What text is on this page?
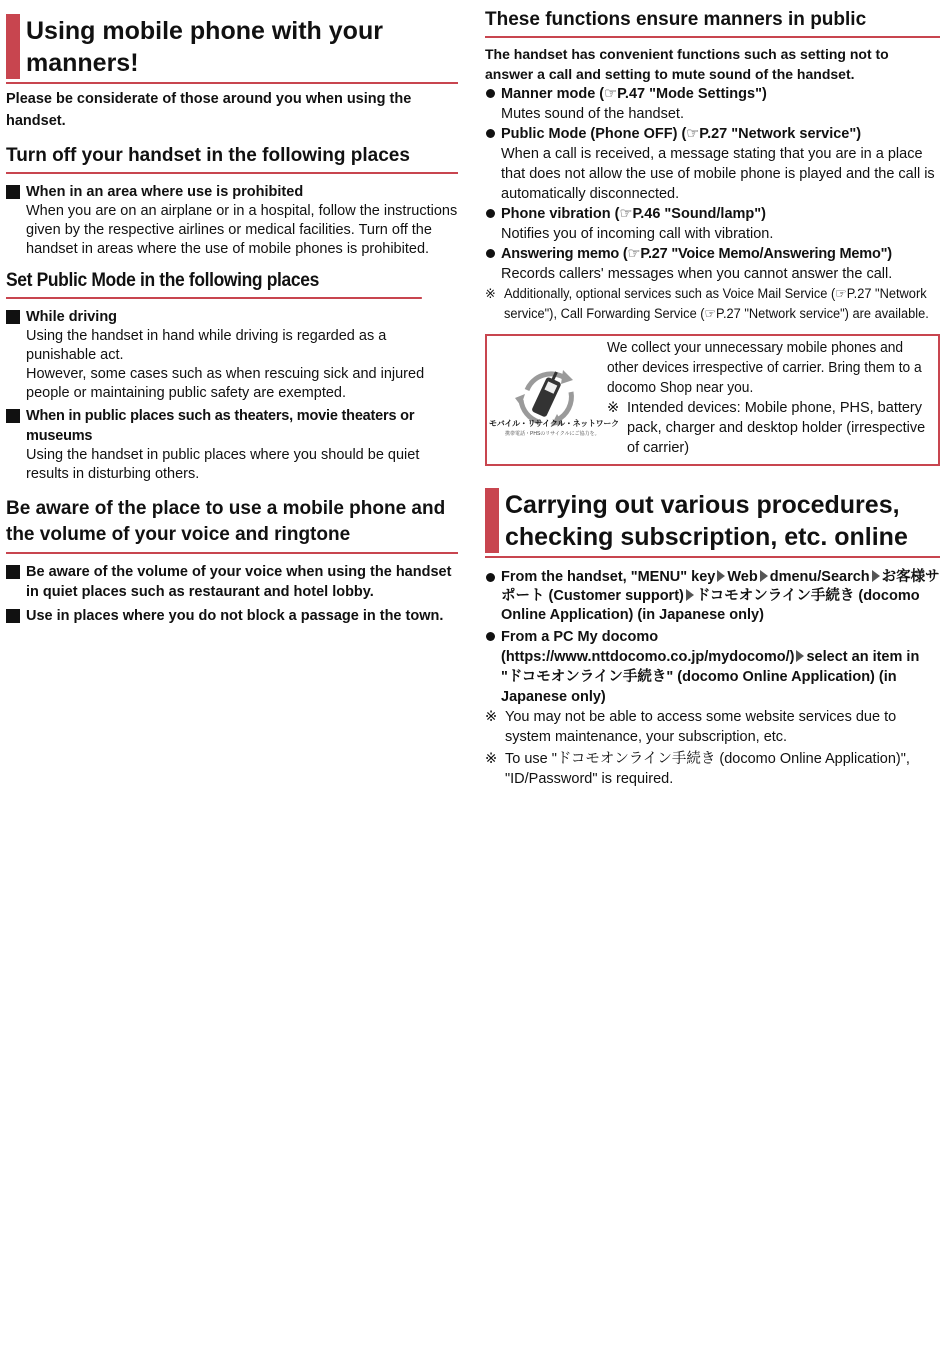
Using mobile phone with your manners!

Please be considerate of those around you when using the handset.

Turn off your handset in the following places
When in an area where use is prohibited
When you are on an airplane or in a hospital, follow the instructions given by the respective airlines or medical facilities. Turn off the handset in areas where the use of mobile phones is prohibited.
Set Public Mode in the following places
While driving
Using the handset in hand while driving is regarded as a punishable act.
However, some cases such as when rescuing sick and injured people or maintaining public safety are exempted.
When in public places such as theaters, movie theaters or museums
Using the handset in public places where you should be quiet results in disturbing others.
Be aware of the place to use a mobile phone and the volume of your voice and ringtone
Be aware of the volume of your voice when using the handset in quiet places such as restaurant and hotel lobby.
Use in places where you do not block a passage in the town.
These functions ensure manners in public

The handset has convenient functions such as setting not to answer a call and setting to mute sound of the handset.

Manner mode (☞P.47 "Mode Settings")
Mutes sound of the handset.
Public Mode (Phone OFF) (☞P.27 "Network service")
When a call is received, a message stating that you are in a place that does not allow the use of mobile phone is played and the call is automatically disconnected.
Phone vibration (☞P.46 "Sound/lamp")
Notifies you of incoming call with vibration.
Answering memo (☞P.27 "Voice Memo/Answering Memo")
Records callers' messages when you cannot answer the call.
※ Additionally, optional services such as Voice Mail Service (☞P.27 "Network service"), Call Forwarding Service (☞P.27 "Network service") are available.
モバイル・リサイクル・ネットワーク
携帯電話・PHSのリサイクルにご協力を。

We collect your unnecessary mobile phones and other devices irrespective of carrier. Bring them to a docomo Shop near you.

※ Intended devices: Mobile phone, PHS, battery pack, charger and desktop holder (irrespective of carrier)
Carrying out various procedures, checking subscription, etc. online
From the handset, "MENU" key Web dmenu/Search お客様サポート (Customer support) ドコモオンライン手続き (docomo Online Application) (in Japanese only)
From a PC My docomo (https://www.nttdocomo.co.jp/mydocomo/) select an item in "ドコモオンライン手続き" (docomo Online Application) (in Japanese only)
※ You may not be able to access some website services due to system maintenance, your subscription, etc.
※ To use "ドコモオンライン手続き (docomo Online Application)", "ID/Password" is required.
